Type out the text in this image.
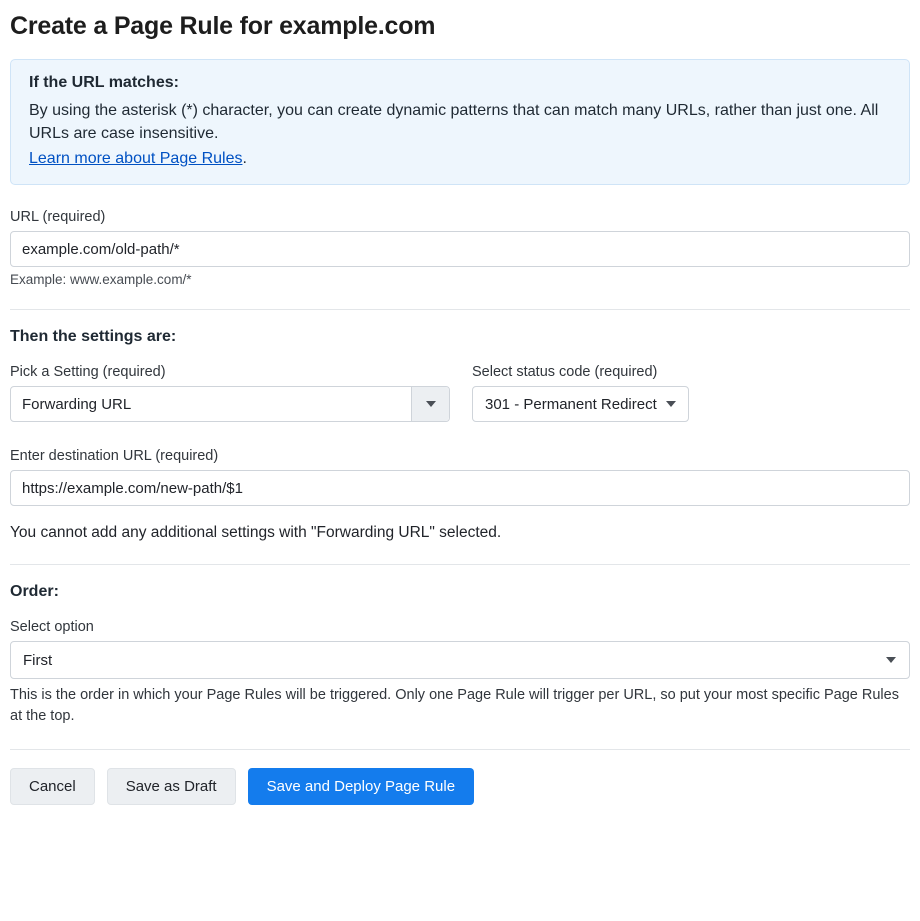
Create a Page Rule for example.com
If the URL matches:
By using the asterisk (*) character, you can create dynamic patterns that can match many URLs, rather than just one. All URLs are case insensitive.
Learn more about Page Rules.
URL (required)
example.com/old-path/*
Example: www.example.com/*
Then the settings are:
Pick a Setting (required)
Forwarding URL
Select status code (required)
301 - Permanent Redirect
Enter destination URL (required)
https://example.com/new-path/$1
You cannot add any additional settings with "Forwarding URL" selected.
Order:
Select option
First
This is the order in which your Page Rules will be triggered. Only one Page Rule will trigger per URL, so put your most specific Page Rules at the top.
Cancel	Save as Draft	Save and Deploy Page Rule
